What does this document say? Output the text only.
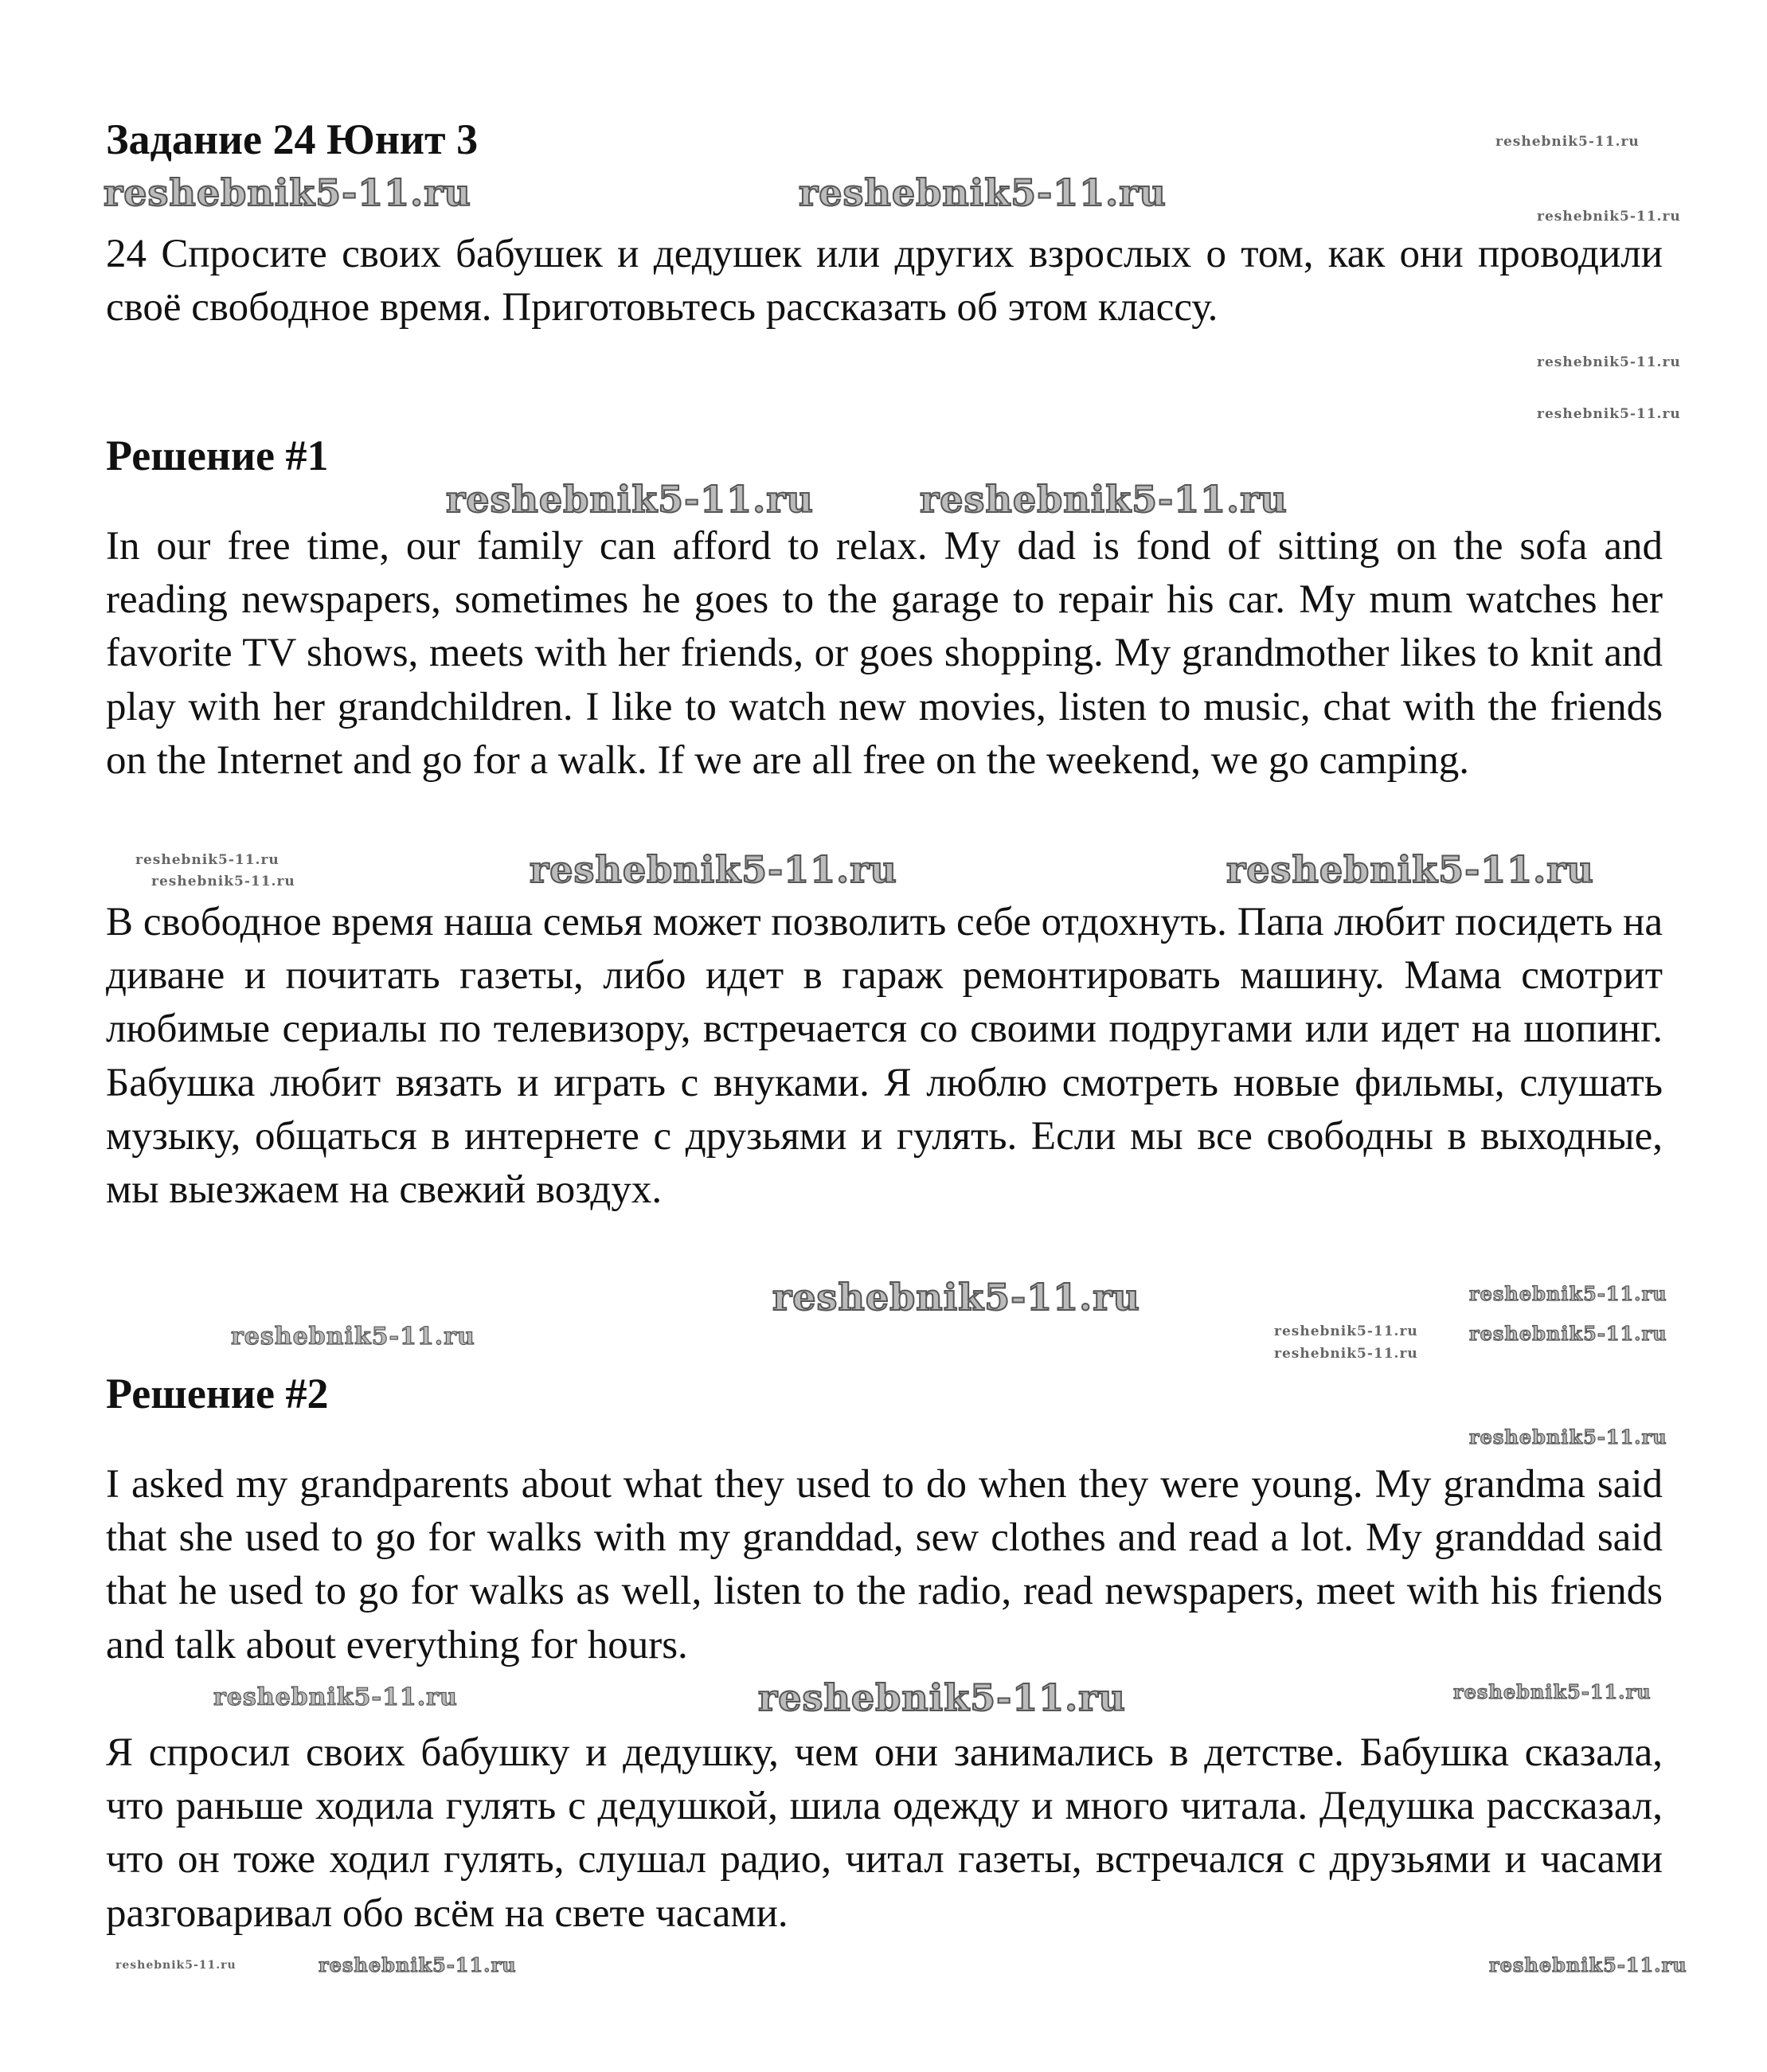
Задание 24 Юнит 3

24 Спросите своих бабушек и дедушек или других взрослых о том, как они проводили своё свободное время. Приготовьтесь рассказать об этом классу.

Решение #1

In our free time, our family can afford to relax. My dad is fond of sitting on the sofa and reading newspapers, sometimes he goes to the garage to repair his car. My mum watches her favorite TV shows, meets with her friends, or goes shopping. My grandmother likes to knit and play with her grandchildren. I like to watch new movies, listen to music, chat with the friends on the Internet and go for a walk. If we are all free on the weekend, we go camping.

В свободное время наша семья может позволить себе отдохнуть. Папа любит посидеть на диване и почитать газеты, либо идет в гараж ремонтировать машину. Мама смотрит любимые сериалы по телевизору, встречается со своими подругами или идет на шопинг. Бабушка любит вязать и играть с внуками. Я люблю смотреть новые фильмы, слушать музыку, общаться в интернете с друзьями и гулять. Если мы все свободны в выходные, мы выезжаем на свежий воздух.

Решение #2

I asked my grandparents about what they used to do when they were young. My grandma said that she used to go for walks with my granddad, sew clothes and read a lot. My granddad said that he used to go for walks as well, listen to the radio, read newspapers, meet with his friends and talk about everything for hours.

Я спросил своих бабушку и дедушку, чем они занимались в детстве. Бабушка сказала, что раньше ходила гулять с дедушкой, шила одежду и много читала. Дедушка рассказал, что он тоже ходил гулять, слушал радио, читал газеты, встречался с друзьями и часами разговаривал обо всём на свете часами.

reshebnik5-11.ru	reshebnik5-11.ru
reshebnik5-11.ru
reshebnik5-11.ru
reshebnik5-11.ru
reshebnik5-11.ru
reshebnik5-11.ru	reshebnik5-11.ru
reshebnik5-11.ru	reshebnik5-11.ru
reshebnik5-11.ru	reshebnik5-11.ru
reshebnik5-11.ru
reshebnik5-11.ru
reshebnik5-11.ru
reshebnik5-11.ru	reshebnik5-11.ru
reshebnik5-11.ru
reshebnik5-11.ru
reshebnik5-11.ru
reshebnik5-11.ru	reshebnik5-11.ru
reshebnik5-11.ru
reshebnik5-11.ru	reshebnik5-11.ru
